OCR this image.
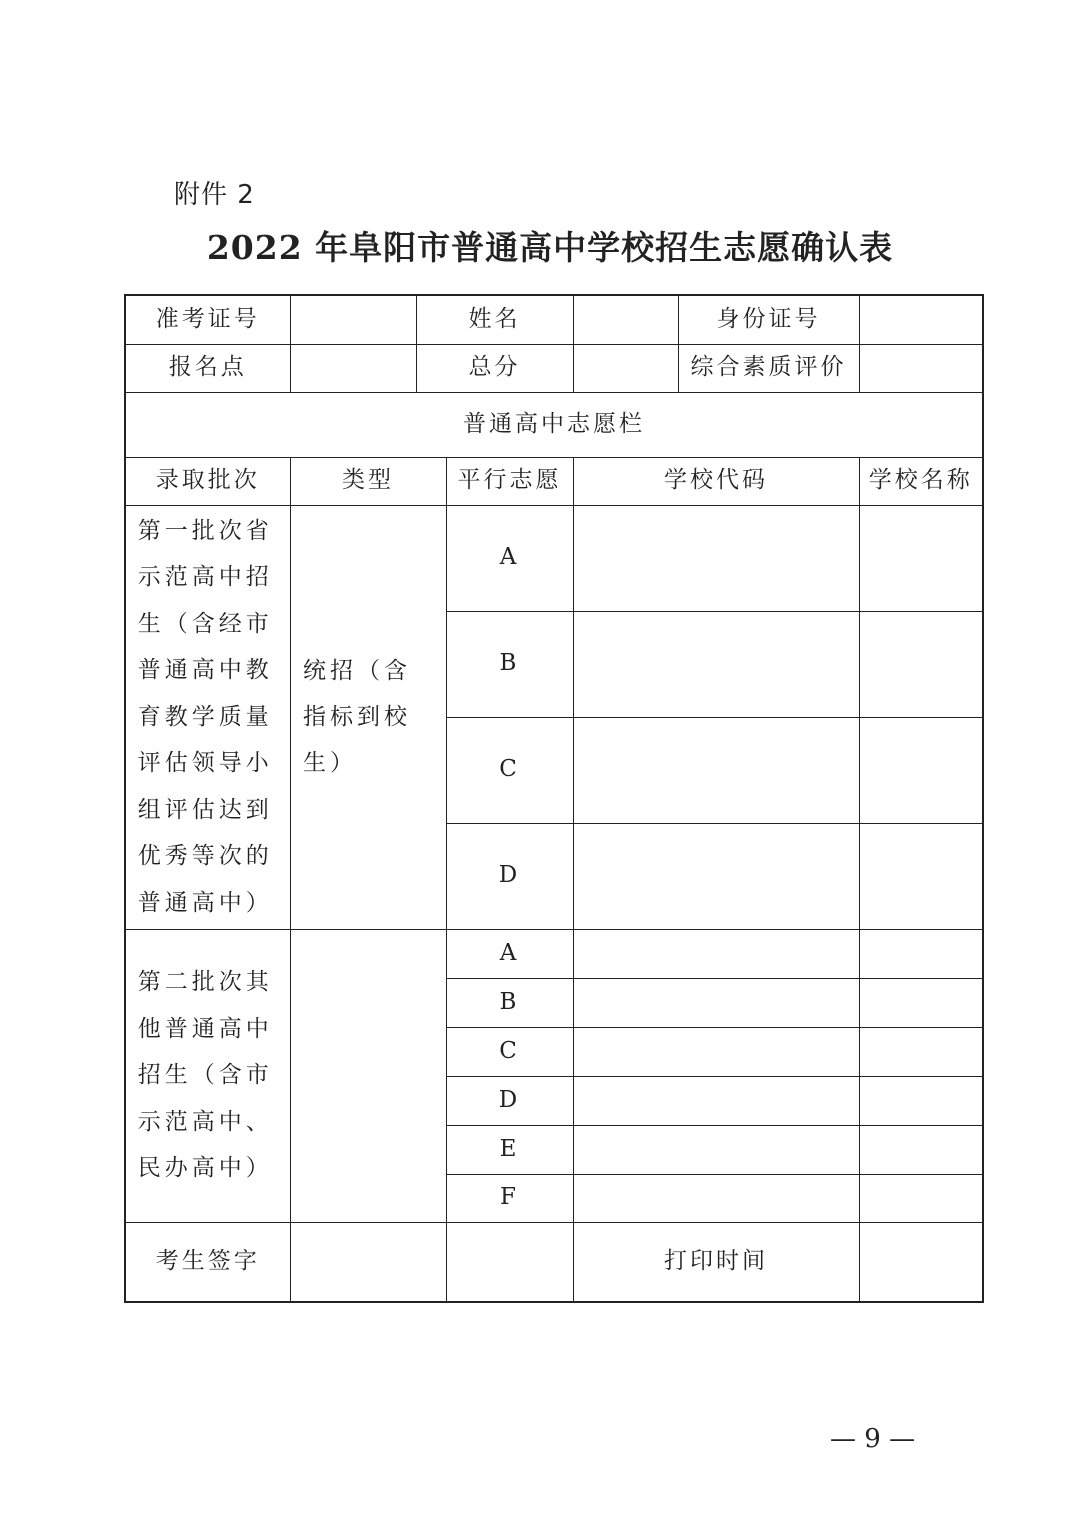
附件 2
2022 年阜阳市普通高中学校招生志愿确认表
准考证号		姓名			身份证号	
报名点		总分			综合素质评价	
普通高中志愿栏						
录取批次	类型		平行志愿	学校代码		学校名称
第一批次省示范高中招生（含经市普通高中教育教学质量评估领导小组评估达到优秀等次的普通高中）	统招（含指标到校生）		A			
			B			
			C			
			D			
第二批次其他普通高中招生（含市示范高中、民办高中）			A			
			B			
			C			
			D			
			E			
			F			
考生签字				打印时间		
— 9 —
